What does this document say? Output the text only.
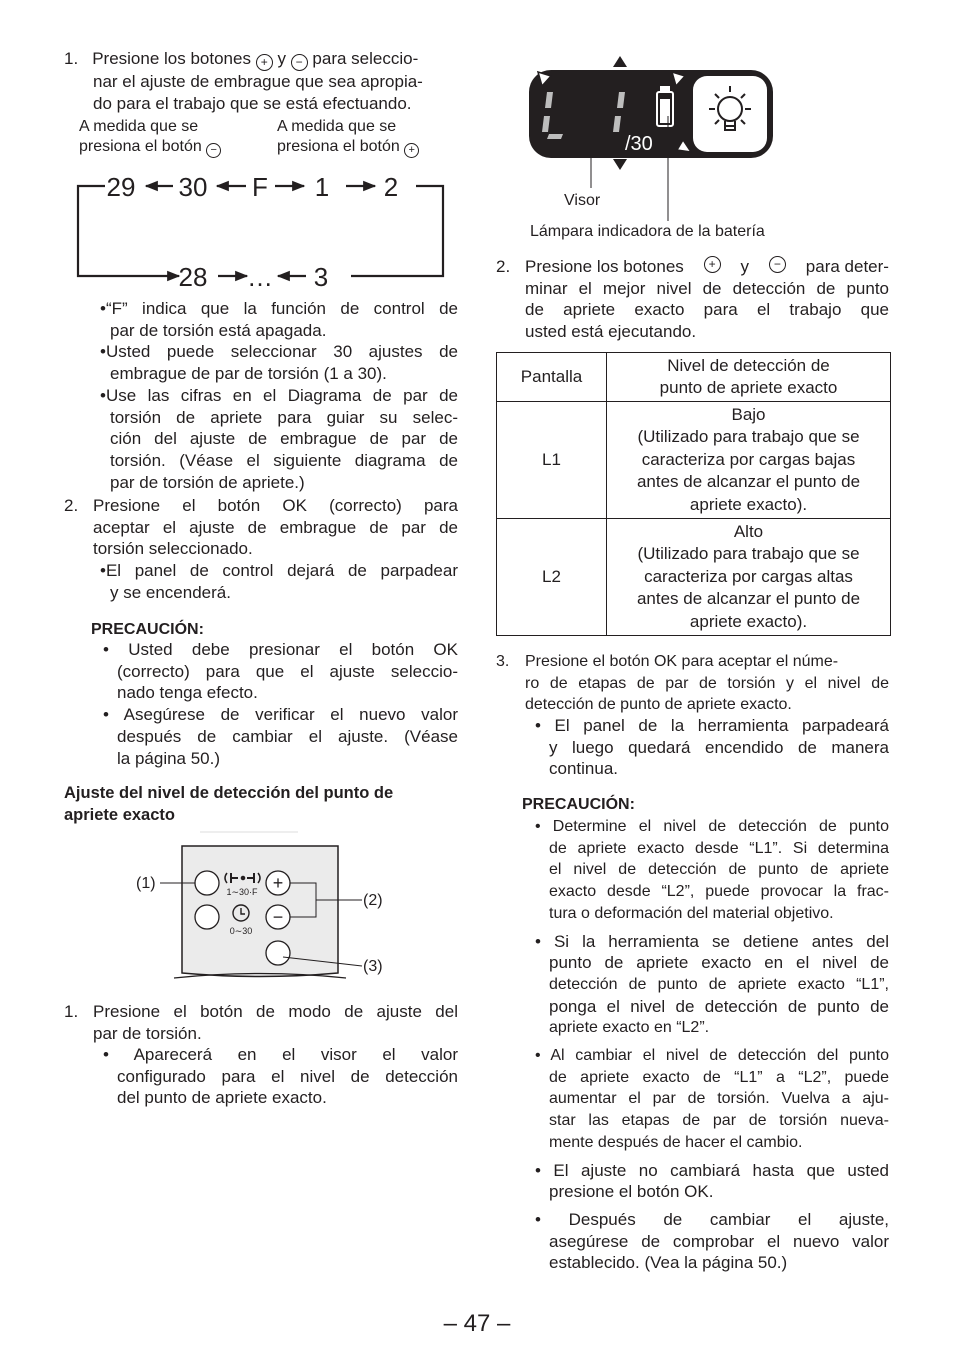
1. Presione los botones + y − para seleccio-
nar el ajuste de embrague que sea apropia-
do para el trabajo que se está efectuando.
A medida que se
presiona el botón −
A medida que se
presiona el botón +
29 30 F 1 2
28 … 3
•“F” indica que la función de control de
par de torsión está apagada.
•Usted puede seleccionar 30 ajustes de
embrague de par de torsión (1 a 30).
•Use las cifras en el Diagrama de par de
torsión de apriete para guiar su selec-
ción del ajuste de embrague de par de
torsión. (Véase el siguiente diagrama de
par de torsión de apriete.)
2. Presione el botón OK (correcto) para
aceptar el ajuste de embrague de par de
torsión seleccionado.
•El panel de control dejará de parpadear
y se encenderá.
PRECAUCIÓN:
• Usted debe presionar el botón OK
(correcto) para que el ajuste seleccio-
nado tenga efecto.
• Asegúrese de verificar el nuevo valor
después de cambiar el ajuste. (Véase
la página 50.)
Ajuste del nivel de detección del punto de
apriete exacto
+
−
1∼30·F
0∼30
(1)
(2)
(3)
1. Presione el botón de modo de ajuste del
par de torsión.
• Aparecerá en el visor el valor
configurado para el nivel de detección
del punto de apriete exacto.
/30
Visor
Lámpara indicadora de la batería
2. Presione los botones	+ y	− para deter-
minar el mejor nivel de detección de punto
de apriete exacto para el trabajo que
usted está ejecutando.
Pantalla	Nivel de detección de
punto de apriete exacto

L1	Bajo
(Utilizado para trabajo que se
caracteriza por cargas bajas
antes de alcanzar el punto de
apriete exacto).

L2	Alto
(Utilizado para trabajo que se
caracteriza por cargas altas
antes de alcanzar el punto de
apriete exacto).
3. Presione el botón OK para aceptar el núme-
ro de etapas de par de torsión y el nivel de
detección de punto de apriete exacto.
• El panel de la herramienta parpadeará
y luego quedará encendido de manera
continua.
PRECAUCIÓN:
• Determine el nivel de detección de punto
de apriete exacto desde “L1”. Si determina
el nivel de detección de punto de apriete
exacto desde “L2”, puede provocar la frac-
tura o deformación del material objetivo.
• Si la herramienta se detiene antes del
punto de apriete exacto en el nivel de
detección de punto de apriete exacto “L1”,
ponga el nivel de detección de punto de
apriete exacto en “L2”.
• Al cambiar el nivel de detección del punto
de apriete exacto de “L1” a “L2”, puede
aumentar el par de torsión. Vuelva a aju-
star las etapas de par de torsión nueva-
mente después de hacer el cambio.
• El ajuste no cambiará hasta que usted
presione el botón OK.
• Después de cambiar el ajuste,
asegúrese de comprobar el nuevo valor
establecido. (Vea la página 50.)
– 47 –
